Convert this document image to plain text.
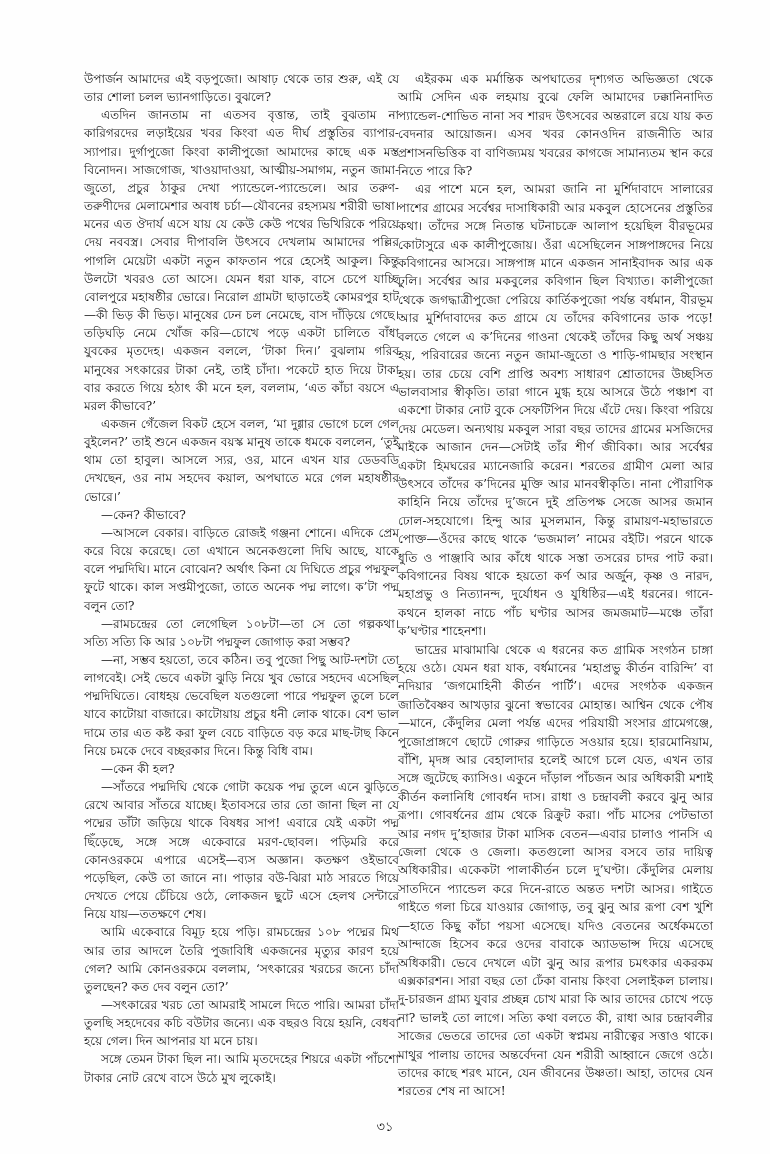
উপার্জন আমাদের এই বড়পুজো। আষাঢ় থেকে তার শুরু, এই যে তার শোলা চলল ভ্যানগাড়িতে। বুঝলে?

এতদিন জানতাম না এতসব বৃত্তান্ত, তাই বুঝতাম না কারিগরদের লড়াইয়ের খবর কিংবা এত দীর্ঘ প্রস্তুতির ব্যাপার-স্যাপার। দুর্গাপুজো কিংবা কালীপুজো আমাদের কাছে এক মস্ত বিনোদন। সাজগোজ, খাওয়াদাওয়া, আত্মীয়-সমাগম, নতুন জামা-জুতো, প্রচুর ঠাকুর দেখা প্যান্ডেলে-প্যান্ডেলে। আর তরুণ-তরুণীদের মেলামেশার অবাধ চর্চা—যৌবনের রহস্যময় শরীরী ভাষা। মনের এত ঔদার্য এসে যায় যে কেউ কেউ পথের ভিখিরিকে পরিয়ে দেয় নববস্ত্র। সেবার দীপাবলি উৎসবে দেখলাম আমাদের পল্লির পাগলি মেয়েটা একটা নতুন কাফতান পরে হেসেই আকুল। কিন্তু উলটো খবরও তো আসে। যেমন ধরা যাক, বাসে চেপে যাচ্ছি বোলপুরে মহাষষ্ঠীর ভোরে। নিরোল গ্রামটা ছাড়াতেই কোমরপুর হাট—কী ভিড় কী ভিড়। মানুষের ঢেন চল নেমেছে, বাস দাঁড়িয়ে গেছে। তড়িঘড়ি নেমে খোঁজ করি—চোখে পড়ে একটা চালিতে বাঁধা যুবকের মৃতদেহ। একজন বললে, ‘টাকা দিন।’ বুঝলাম গরিব মানুষের সৎকারের টাকা নেই, তাই চাঁদা। পকেটে হাত দিয়ে টাকা বার করতে গিয়ে হঠাৎ কী মনে হল, বললাম, ‘এত কাঁচা বয়সে এ মরল কীভাবে?’

একজন গেঁজেল বিকট হেসে বলল, ‘মা দুগ্গার ভোগে চলে গেল বুইলেন?’ তাই শুনে একজন বয়স্ক মানুষ তাকে ধমকে বললেন, ‘তুই থাম তো হাবুল। আসলে স্যর, ওর, মানে এখন যার ডেডবডি দেখছেন, ওর নাম সহদেব কয়াল, অপঘাতে মরে গেল মহাষষ্ঠীর ভোরে।’

—কেন? কীভাবে?

—আসলে বেকার। বাড়িতে রোজই গঞ্জনা শোনে। এদিকে প্রেম করে বিয়ে করেছে। তো এখানে অনেকগুলো দিঘি আছে, যাকে বলে পদ্মদিঘি। মানে বোঝেন? অর্থাৎ কিনা যে দিঘিতে প্রচুর পদ্মফুল ফুটে থাকে। কাল সপ্তমীপুজো, তাতে অনেক পদ্ম লাগে। ক’টা পদ্ম বলুন তো?

—রামচন্দ্রের তো লেগেছিল ১০৮টা—তা সে তো গল্পকথা। সত্যি সত্যি কি আর ১০৮টা পদ্মফুল জোগাড় করা সম্ভব?

—না, সম্ভব হয়তো, তবে কঠিন। তবু পুজো পিছু আট-দশটা তো লাগবেই। সেই ভেবে একটা ঝুড়ি নিয়ে খুব ভোরে সহদেব এসেছিল পদ্মদিঘিতে। বোধহয় ভেবেছিল যতগুলো পারে পদ্মফুল তুলে চলে যাবে কাটোয়া বাজারে। কাটোয়ায় প্রচুর ধনী লোক থাকে। বেশ ভাল দামে তার এত কষ্ট করা ফুল বেচে বাড়িতে বড় করে মাছ-টাছ কিনে নিয়ে চমকে দেবে বচ্ছরকার দিনে। কিন্তু বিধি বাম।

—কেন কী হল?

—সাঁতরে পদ্মদিঘি থেকে গোটা কয়েক পদ্ম তুলে এনে ঝুড়িতে রেখে আবার সাঁতরে যাচ্ছে। ইতাবসরে তার তো জানা ছিল না যে পদ্মের ডাঁটা জড়িয়ে থাকে বিষধর সাপ! এবারে যেই একটা পদ্ম ছিঁড়েছে, সঙ্গে সঙ্গে একেবারে মরণ-ছোবল। পড়িমরি করে কোনওরকমে এপারে এসেই—ব্যস অজ্ঞান। কতক্ষণ ওইভাবে পড়েছিল, কেউ তা জানে না। পাড়ার বউ-ঝিরা মাঠ সারতে গিয়ে দেখতে পেয়ে চেঁচিয়ে ওঠে, লোকজন ছুটে এসে হেলথ সেন্টারে নিয়ে যায়—ততক্ষণে শেষ।

আমি একেবারে বিমূঢ় হয়ে পড়ি। রামচন্দ্রের ১০৮ পদ্মের মিথ আর তার আদলে তৈরি পুজাবিধি একজনের মৃত্যুর কারণ হয়ে গেল? আমি কোনওরকমে বললাম, ‘সৎকারের খরচের জন্যে চাঁদা তুলছেন? কত দেব বলুন তো?’

—সৎকারের খরচ তো আমরাই সামলে দিতে পারি। আমরা চাঁদা তুলছি সহদেবের কচি বউটার জন্যে। এক বছরও বিয়ে হয়নি, বেধবা হয়ে গেল। দিন আপনার যা মনে চায়।

সঙ্গে তেমন টাকা ছিল না। আমি মৃতদেহের শিয়রে একটা পাঁচশো টাকার নোট রেখে বাসে উঠে মুখ লুকোই।

এইরকম এক মর্মান্তিক অপঘাতের দৃশ্যগত অভিজ্ঞতা থেকে আমি সেদিন এক লহমায় বুঝে ফেলি আমাদের ঢক্কানিনাদিত প্যান্ডেল-শোভিত নানা সব শারদ উৎসবের অন্তরালে রয়ে যায় কত বেদনার আয়োজন। এসব খবর কোনওদিন রাজনীতি আর প্রশাসনভিত্তিক বা বাণিজ্যময় খবরের কাগজে সামান্যতম স্থান করে নিতে পারে কি?

এর পাশে মনে হল, আমরা জানি না মুর্শিদাবাদে সালারের পাশের গ্রামের সর্বেশ্বর দাসাধিকারী আর মকবুল হোসেনের প্রস্তুতির কথা। তাঁদের সঙ্গে নিতান্ত ঘটনাচক্রে আলাপ হয়েছিল বীরভূমের কোটাসুরে এক কালীপুজোয়। ওঁরা এসেছিলেন সাঙ্গপাঙ্গদের নিয়ে কবিগানের আসরে। সাঙ্গপাঙ্গ মানে একজন সানাইবাদক আর এক ঢুলি। সর্বেশ্বর আর মকবুলের কবিগান ছিল বিখ্যাত। কালীপুজো থেকে জগদ্ধাত্রীপুজো পেরিয়ে কার্তিকপুজো পর্যন্ত বর্ধমান, বীরভূম আর মুর্শিদাবাদের কত গ্রামে যে তাঁদের কবিগানের ডাক পড়ে! বলতে গেলে এ ক’দিনের গাওনা থেকেই তাঁদের কিছু অর্থ সঞ্চয় হয়, পরিবারের জন্যে নতুন জামা-জুতো ও শাড়ি-গামছার সংস্থান হয়। তার চেয়ে বেশি প্রাপ্তি অবশ্য সাধারণ শ্রোতাদের উচ্ছসিত ভালবাসার স্বীকৃতি। তারা গানে মুগ্ধ হয়ে আসরে উঠে পঞ্চাশ বা একশো টাকার নোট বুকে সেফটিপিন দিয়ে এঁটে দেয়। কিংবা পরিয়ে দেয় মেডেল। অন্যথায় মকবুল সারা বছর তাদের গ্রামের মসজিদের মাইকে আজান দেন—সেটাই তাঁর শীর্ণ জীবিকা। আর সর্বেশ্বর একটা হিমঘরের ম্যানেজারি করেন। শরতের গ্রামীণ মেলা আর উৎসবে তাঁদের ক’দিনের মুক্তি আর মানবস্বীকৃতি। নানা পৌরাণিক কাহিনি নিয়ে তাঁদের দু’জনে দুই প্রতিপক্ষ সেজে আসর জমান ঢোল-সহযোগে। হিন্দু আর মুসলমান, কিন্তু রামায়ণ-মহাভারতে পোক্ত—ওঁদের কাছে থাকে ‘ভজমাল’ নামের বইটি। পরনে থাকে ধুতি ও পাঞ্জাবি আর কাঁধে থাকে সস্তা তসরের চাদর পাট করা। কবিগানের বিষয় থাকে হয়তো কর্ণ আর অর্জুন, কৃষ্ণ ও নারদ, মহাপ্রভু ও নিত্যানন্দ, দুর্যোধন ও যুধিষ্ঠির—এই ধরনের। গানে-কথনে হালকা নাচে পাঁচ ঘণ্টার আসর জমজমাট—মঞ্চে তাঁরা ক’ঘণ্টার শাহেনশা।

ভাদ্রের মাঝামাঝি থেকে এ ধরনের কত গ্রামিক সংগঠন চাঙ্গা হয়ে ওঠে। যেমন ধরা যাক, বর্ধমানের ‘মহাপ্রভু কীর্তন বারিন্দি’ বা নদিয়ার ‘জগমোহিনী কীর্তন পার্টি’। এদের সংগঠক একজন জাতিবৈষ্ণব আখড়ার ঝুনো স্বভাবের মোহান্ত। আশ্বিন থেকে পৌষ—মানে, কেঁদুলির মেলা পর্যন্ত এদের পরিযায়ী সংসার গ্রামেগঞ্জে, পুজোপ্রাঙ্গণে ছোটে গোরুর গাড়িতে সওয়ার হয়ে। হারমোনিয়াম, বাঁশি, মৃদঙ্গ আর বেহালাদার হলেই আগে চলে যেত, এখন তার সঙ্গে জুটেছে ক্যাসিও। একুনে দাঁড়াল পাঁচজন আর অধিকারী মশাই কীর্তন কলানিধি গোবর্ধন দাস। রাধা ও চন্দ্রাবলী করবে ঝুনু আর রূপা। গোবর্ধনের গ্রাম থেকে রিক্রুট করা। পাঁচ মাসের পেটভাতা আর নগদ দু’হাজার টাকা মাসিক বেতন—এবার চালাও পানসি এ জেলা থেকে ও জেলা। কতগুলো আসর বসবে তার দায়িত্ব অধিকারীর। একেকটা পালাকীর্তন চলে দু’ঘণ্টা। কেঁদুলির মেলায় সাতদিনে প্যান্ডেল করে দিনে-রাতে অন্তত দশটা আসর। গাইতে গাইতে গলা চিরে যাওয়ার জোগাড়, তবু ঝুনু আর রূপা বেশ খুশি—হাতে কিছু কাঁচা পয়সা এসেছে। যদিও বেতনের অর্ধেকমতো আন্দাজে হিসেব করে ওদের বাবাকে অ্যাডভান্স দিয়ে এসেছে অধিকারী। ভেবে দেখলে এটা ঝুনু আর রূপার চমৎকার একরকম এক্সকারশন। সারা বছর তো ঢেঁকা বানায় কিংবা সেলাইকল চালায়। দু-চারজন গ্রাম্য যুবার প্রচ্ছন্ন চোখ মারা কি আর তাদের চোখে পড়ে না? ভালই তো লাগে। সত্যি কথা বলতে কী, রাধা আর চন্দ্রাবলীর সাজের ভেতরে তাদের তো একটা স্বপ্নময় নারীত্বের সত্তাও থাকে। মাথুর পালায় তাদের অন্তর্বেদনা যেন শরীরী আহ্বানে জেগে ওঠে। তাদের কাছে শরৎ মানে, যেন জীবনের উষ্ণতা। আহা, তাদের যেন শরতের শেষ না আসে!

৩১
